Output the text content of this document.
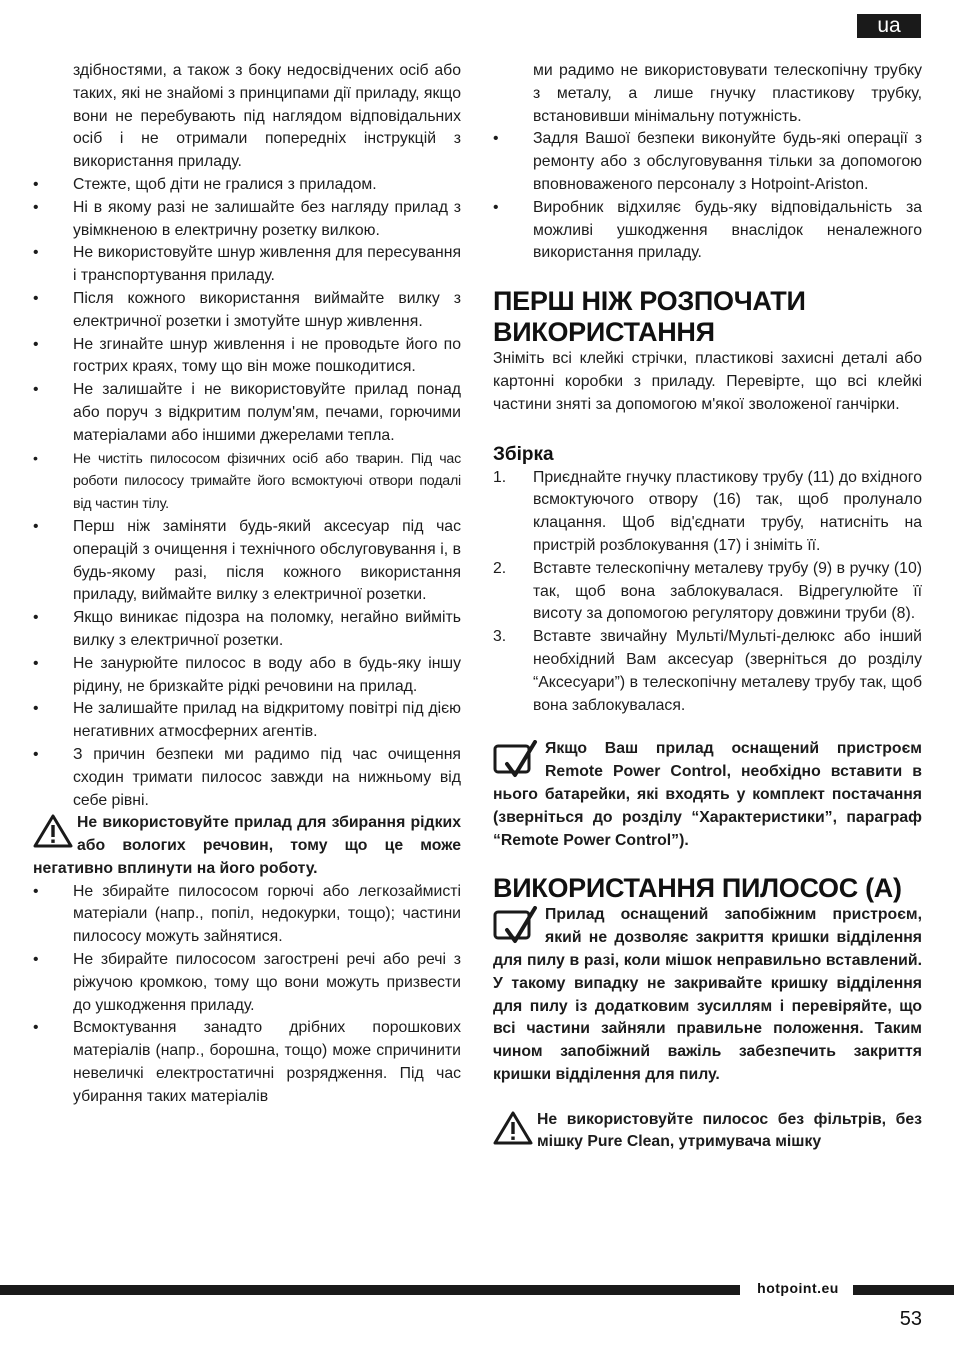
ua
здібностями, а також з боку недосвідчених осіб або таких, які не знайомі з принципами дії приладу, якщо вони не перебувають під наглядом відповідальних осіб і не отримали попередніх інструкцій з використання приладу.
• Стежте, щоб діти не гралися з приладом.
• Ні в якому разі не залишайте без нагляду прилад з увімкненою в електричну розетку вилкою.
• Не використовуйте шнур живлення для пересування і транспортування приладу.
• Після кожного використання виймайте вилку з електричної розетки і змотуйте шнур живлення.
• Не згинайте шнур живлення і не проводьте його по гострих краях, тому що він може пошкодитися.
• Не залишайте і не використовуйте прилад понад або поруч з відкритим полум'ям, печами, горючими матеріалами або іншими джерелами тепла.
• Не чистіть пилососом фізичних осіб або тварин. Під час роботи пилососу тримайте його всмоктуючі отвори подалі від частин тілу.
• Перш ніж заміняти будь-який аксесуар під час операцій з очищення і технічного обслуговування і, в будь-якому разі, після кожного використання приладу, виймайте вилку з електричної розетки.
• Якщо виникає підозра на поломку, негайно вийміть вилку з електричної розетки.
• Не занурюйте пилосос в воду або в будь-яку іншу рідину, не бризкайте рідкі речовини на прилад.
• Не залишайте прилад на відкритому повітрі під дією негативних атмосферних агентів.
• З причин безпеки ми радимо під час очищення сходин тримати пилосос завжди на нижньому від себе рівні.
Не використовуйте прилад для збирання рідких або вологих речовин, тому що це може негативно вплинути на його роботу.
• Не збирайте пилососом горючі або легкозаймисті матеріали (напр., попіл, недокурки, тощо); частини пилососу можуть зайнятися.
• Не збирайте пилососом загострені речі або речі з ріжучою кромкою, тому що вони можуть призвести до ушкодження приладу.
• Всмоктування занадто дрібних порошкових матеріалів (напр., борошна, тощо) може спричинити невеличкі електростатичні розрядження. Під час убирання таких матеріалів
ми радимо не використовувати телескопічну трубку з металу, а лише гнучку пластикову трубку, встановивши мінімальну потужність.
• Задля Вашої безпеки виконуйте будь-які операції з ремонту або з обслуговування тільки за допомогою вповноваженого персоналу з Hotpoint-Ariston.
• Виробник відхиляє будь-яку відповідальність за можливі ушкодження внаслідок неналежного використання приладу.
ПЕРШ НІЖ РОЗПОЧАТИ ВИКОРИСТАННЯ
Зніміть всі клейкі стрічки, пластикові захисні деталі або картонні коробки з приладу. Перевірте, що всі клейкі частини зняті за допомогою м'якої зволоженої ганчірки.
Збірка
1. Приєднайте гнучку пластикову трубу (11) до вхідного всмоктуючого отвору (16) так, щоб пролунало клацання. Щоб від'єднати трубу, натисніть на пристрій розблокування (17) і зніміть її.
2. Вставте телескопічну металеву трубу (9) в ручку (10) так, щоб вона заблокувалася. Відрегулюйте її висоту за допомогою регулятору довжини труби (8).
3. Вставте звичайну Мульті/Мульті-делюкс або інший необхідний Вам аксесуар (зверніться до розділу “Аксесуари”) в телескопічну металеву трубу так, щоб вона заблокувалася.
Якщо Ваш прилад оснащений пристроєм Remote Power Control, необхідно вставити в нього батарейки, які входять у комплект постачання (зверніться до розділу “Характеристики”, параграф “Remote Power Control”).
ВИКОРИСТАННЯ ПИЛОСОС (A)
Прилад оснащений запобіжним пристроєм, який не дозволяє закриття кришки відділення для пилу в разі, коли мішок неправильно вставлений. У такому випадку не закривайте кришку відділення для пилу із додатковим зусиллям і перевіряйте, що всі частини зайняли правильне положення. Таким чином запобіжний важіль забезпечить закриття кришки відділення для пилу.
Не використовуйте пилосос без фільтрів, без мішку Pure Clean, утримувача мішку
hotpoint.eu
53
